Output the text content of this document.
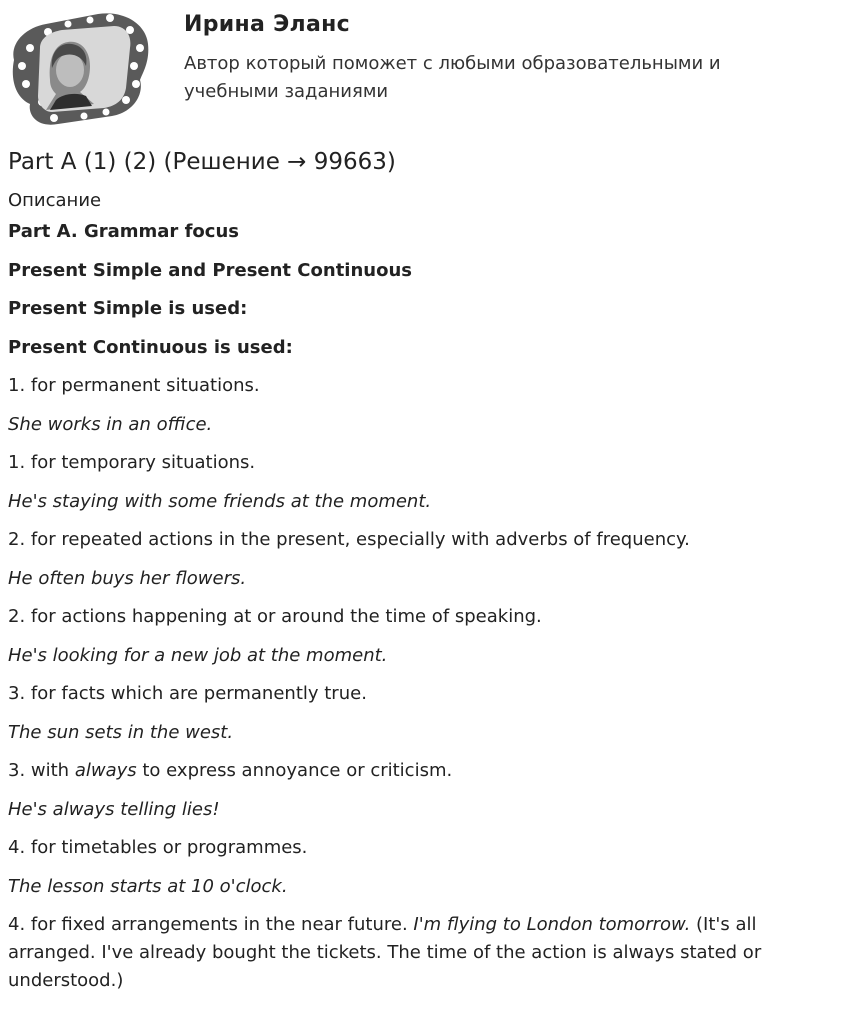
Ирина Эланс
Автор который поможет с любыми образовательными и учебными заданиями
Part A (1) (2) (Решение → 99663)
Описание

Part A. Grammar focus

Present Simple and Present Continuous

Present Simple is used:

Present Continuous is used:

1. for permanent situations.

She works in an office.

1. for temporary situations.

He's staying with some friends at the moment.

2. for repeated actions in the present, especially with adverbs of frequency.

He often buys her flowers.

2. for actions happening at or around the time of speaking.

He's looking for a new job at the moment.

3. for facts which are permanently true.

The sun sets in the west.

3. with always to express annoyance or criticism.

He's always telling lies!

4. for timetables or programmes.

The lesson starts at 10 o'clock.

4. for fixed arrangements in the near future. I'm flying to London tomorrow. (It's all arranged. I've already bought the tickets. The time of the action is always stated or understood.)
